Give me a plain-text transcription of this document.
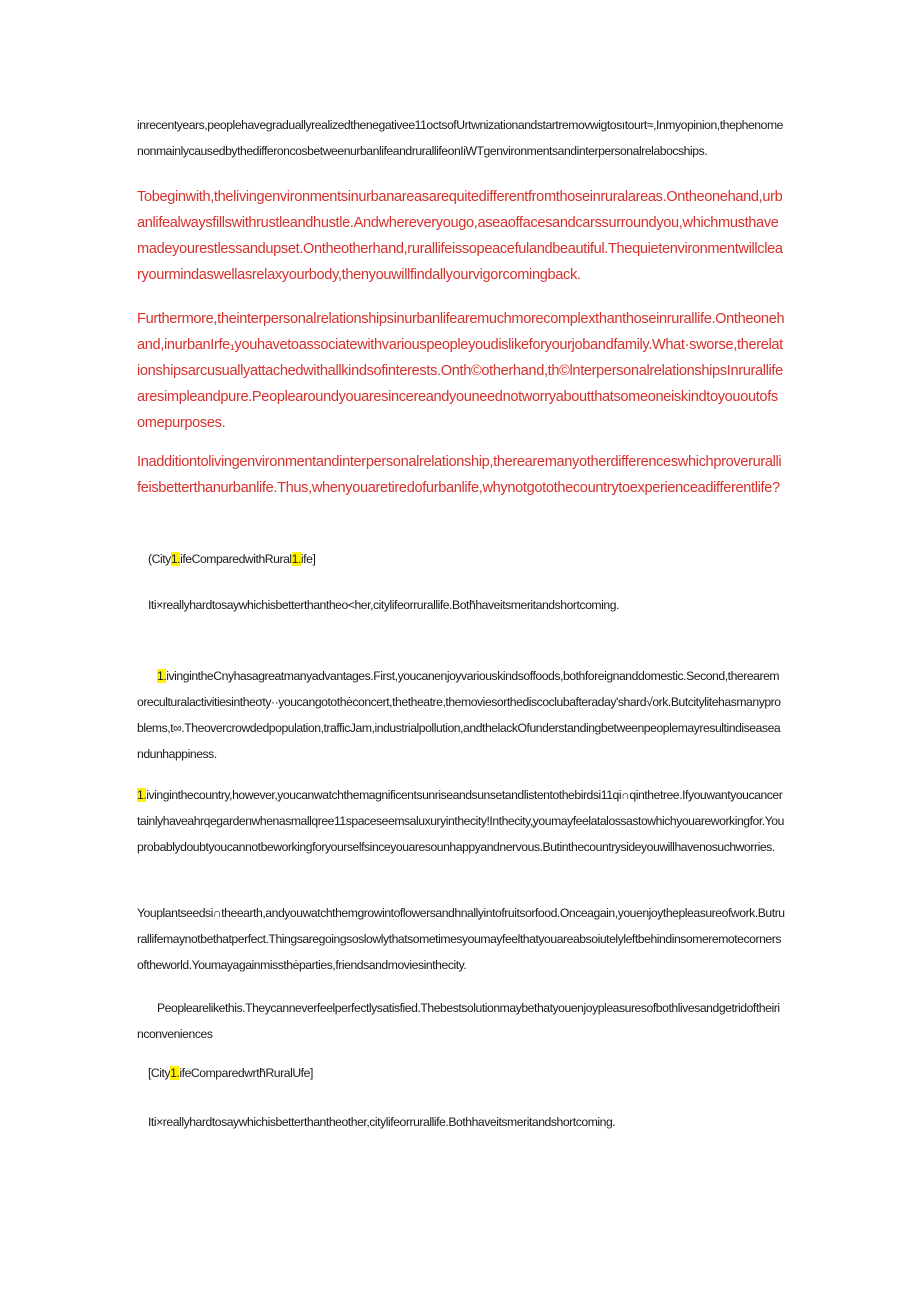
inrecentyears,peoplehavegraduallyrealizedthenegativee11octsofUrtwnizationandstartremovwigtosıtourt≈,Inmyopinion,thephenomenonmainlycausedbythedifferoncosbetweenurbanlifeandrurallifeonIiWTgenvironmentsandinterpersonalrelabocships.
Tobeginwith,thelivingenvironmentsinurbanareasarequitedifferentfromthoseinruralareas.Ontheonehand,urbanlifealwaysfillswithrustleandhustle.Andwhereveryougo,aseaoffacesandcarssurroundyou,whichmusthavemadeyourestlessandupset.Ontheotherhand,rurallifeissopeacefulandbeautiful.Thequietenvironmentwillclearyourmindaswellasrelaxyourbody,thenyouwillfindallyourvigorcomingback.
Furthermore,theinterpersonalrelationshipsinurbanlifearemuchmorecomplexthanthoseinrurallife.Ontheonehand,inurbanIrfe₁youhavetoassociatewithvariouspeopleyoudislikeforyourjobandfamily.What·sworse,therelationshipsarcusuallyattachedwithallkindsofinterests.Onth©otherhand,th©lnterpersonalrelationshipsInrurallifearesimpleandpure.Peoplearoundyouaresincereandyouneednotworryaboutthatsomeoneiskindtoyououtofsomepurposes.
Inadditiontolivingenvironmentandinterpersonalrelationship,therearemanyotherdifferenceswhichproverurallifeisbetterthanurbanlife.Thus,whenyouaretiredofurbanlife,whynotgotothecountrytoexperienceadifferentlife?
(City1.ifeComparedwithRural1.ife]
Iti×reallyhardtosaywhichisbetterthantheo<her,citylifeorrurallife.Both̃haveitsmeritandshortcoming.
1.ivingintheCnyhasagreatmanyadvantages.First,youcanenjoyvariouskindsoffoods,bothforeignanddomestic.Second,therearemoreculturalactivitiesinthеσty··youcangotothėconcert,thetheatre,themoviesorthediscoclubafteraday'shard√ork.Butcitylitehasmanyproblems,t∞.Theovercrowdedpopulation,trafficJam,industrialpollution,andthelackOfunderstandingbetweenpeoplemayresultindiseaseandunhappiness.
1.ivinginthecountry,however,youcanwatchthemagnificentsunriseandsunsetandlistentothebirdsi11qi∩qinthetree.Ifyouwantyoucancertainlyhaveahrqegardenwhenasmallqree11spaceseemsaluxuryinthecity!Inthecity,̧youmayfeelatalossastowhichyouareworkingfor.Youprobablydoubtyoucannotbeworkingforyourselfsinceyouaresounhappyandnervous.Butinthecountrysideyouwillhavenosuchworries.
Youplantseedsi∩theearth,andyouwatchthemgrowintoflowersandhnallyintofruitsorfood.Onceagain,youenjoythepleasureofwork.Butrurallifemaynotbethatperfect.Thingsaregoingsoslowlythatsometimesyoumayfeelthatyouareabsoiutelyleftbehindinsomeremotecornersoftheworld.Youmayagainmissthėparties,friendsandmoviesinthecity.
Peoplearelikethis.Theycanneverfeelperfectlysatisfied.Thebestsolutionmaybethatyouenjoypleasuresofbothlivesandgetridoftheirinconveniences
[City1.ifeComparedwrth̃RuralUfe]
Iti×reallyhardtosaywhichisbetterthantheother,citylifeorrurallife.Bothhaveitsmeritandshortcoming.
